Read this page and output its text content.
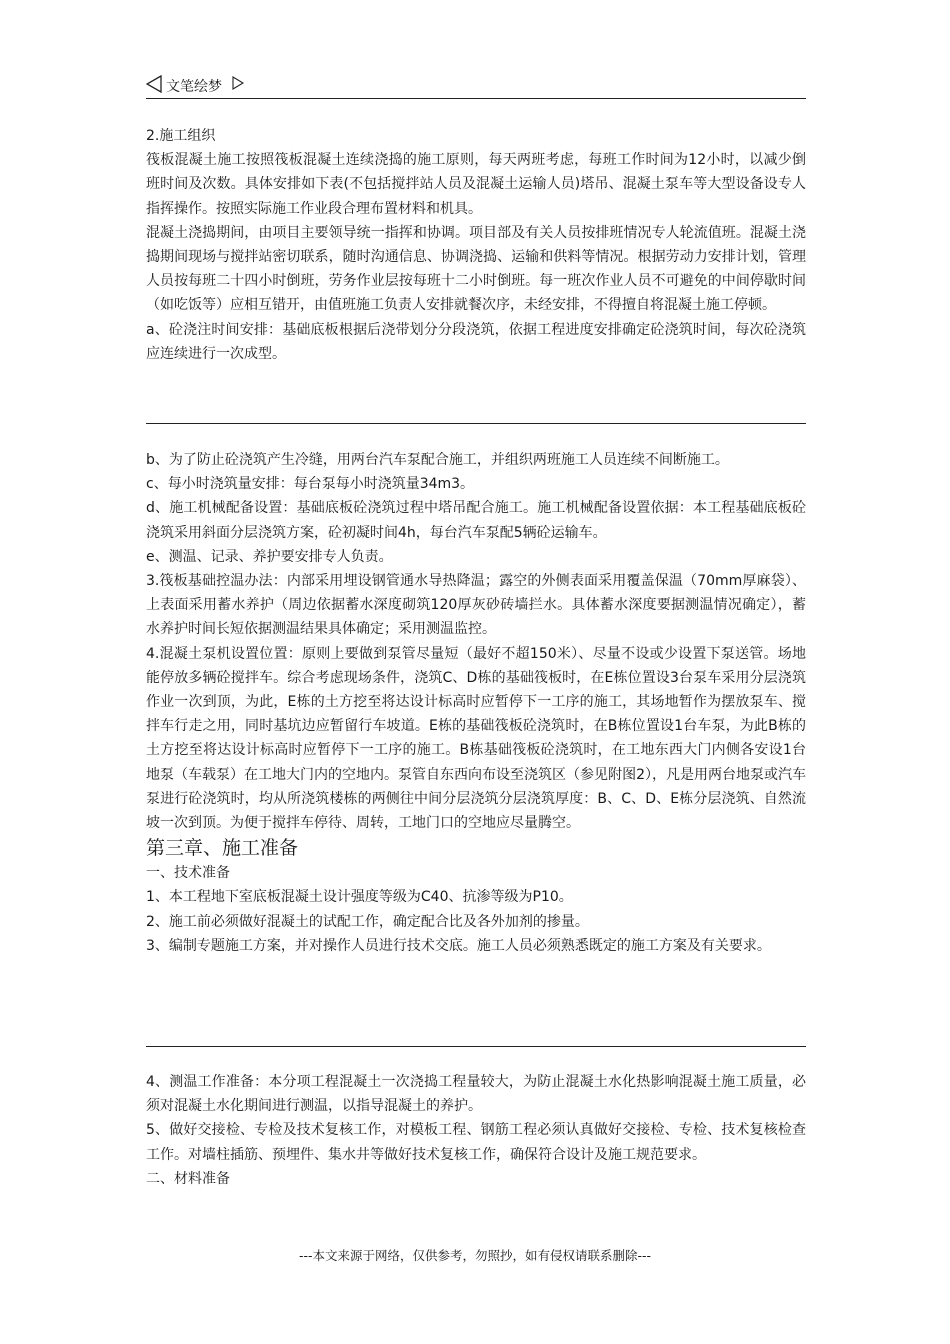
文笔绘梦

2.施工组织

筏板混凝土施工按照筏板混凝土连续浇捣的施工原则，每天两班考虑，每班工作时间为12小时，以减少倒班时间及次数。具体安排如下表(不包括搅拌站人员及混凝土运输人员)塔吊、混凝土泵车等大型设备设专人指挥操作。按照实际施工作业段合理布置材料和机具。

混凝土浇捣期间，由项目主要领导统一指挥和协调。项目部及有关人员按排班情况专人轮流值班。混凝土浇捣期间现场与搅拌站密切联系，随时沟通信息、协调浇捣、运输和供料等情况。根据劳动力安排计划，管理人员按每班二十四小时倒班，劳务作业层按每班十二小时倒班。每一班次作业人员不可避免的中间停歇时间（如吃饭等）应相互错开，由值班施工负责人安排就餐次序，未经安排，不得擅自将混凝土施工停顿。

a、砼浇注时间安排：基础底板根据后浇带划分分段浇筑，依据工程进度安排确定砼浇筑时间，每次砼浇筑应连续进行一次成型。

b、为了防止砼浇筑产生冷缝，用两台汽车泵配合施工，并组织两班施工人员连续不间断施工。

c、每小时浇筑量安排：每台泵每小时浇筑量34m3。

d、施工机械配备设置：基础底板砼浇筑过程中塔吊配合施工。施工机械配备设置依据：本工程基础底板砼浇筑采用斜面分层浇筑方案，砼初凝时间4h，每台汽车泵配5辆砼运输车。

e、测温、记录、养护要安排专人负责。

3.筏板基础控温办法：内部采用埋设钢管通水导热降温；露空的外侧表面采用覆盖保温（70mm厚麻袋）、上表面采用蓄水养护（周边依据蓄水深度砌筑120厚灰砂砖墙拦水。具体蓄水深度要据测温情况确定），蓄水养护时间长短依据测温结果具体确定；采用测温监控。

4.混凝土泵机设置位置：原则上要做到泵管尽量短（最好不超150米）、尽量不设或少设置下泵送管。场地能停放多辆砼搅拌车。综合考虑现场条件，浇筑C、D栋的基础筏板时，在E栋位置设3台泵车采用分层浇筑作业一次到顶，为此，E栋的土方挖至将达设计标高时应暂停下一工序的施工，其场地暂作为摆放泵车、搅拌车行走之用，同时基坑边应暂留行车坡道。E栋的基础筏板砼浇筑时，在B栋位置设1台车泵，为此B栋的土方挖至将达设计标高时应暂停下一工序的施工。B栋基础筏板砼浇筑时，在工地东西大门内侧各安设1台地泵（车载泵）在工地大门内的空地内。泵管自东西向布设至浇筑区（参见附图2），凡是用两台地泵或汽车泵进行砼浇筑时，均从所浇筑楼栋的两侧往中间分层浇筑分层浇筑厚度：B、C、D、E栋分层浇筑、自然流坡一次到顶。为便于搅拌车停待、周转，工地门口的空地应尽量腾空。

第三章、施工准备

一、技术准备

1、本工程地下室底板混凝土设计强度等级为C40、抗渗等级为P10。

2、施工前必须做好混凝土的试配工作，确定配合比及各外加剂的掺量。

3、编制专题施工方案，并对操作人员进行技术交底。施工人员必须熟悉既定的施工方案及有关要求。

4、测温工作准备：本分项工程混凝土一次浇捣工程量较大，为防止混凝土水化热影响混凝土施工质量，必须对混凝土水化期间进行测温，以指导混凝土的养护。

5、做好交接检、专检及技术复核工作，对模板工程、钢筋工程必须认真做好交接检、专检、技术复核检查工作。对墙柱插筋、预埋件、集水井等做好技术复核工作，确保符合设计及施工规范要求。

二、材料准备

---本文来源于网络，仅供参考，勿照抄，如有侵权请联系删除---
